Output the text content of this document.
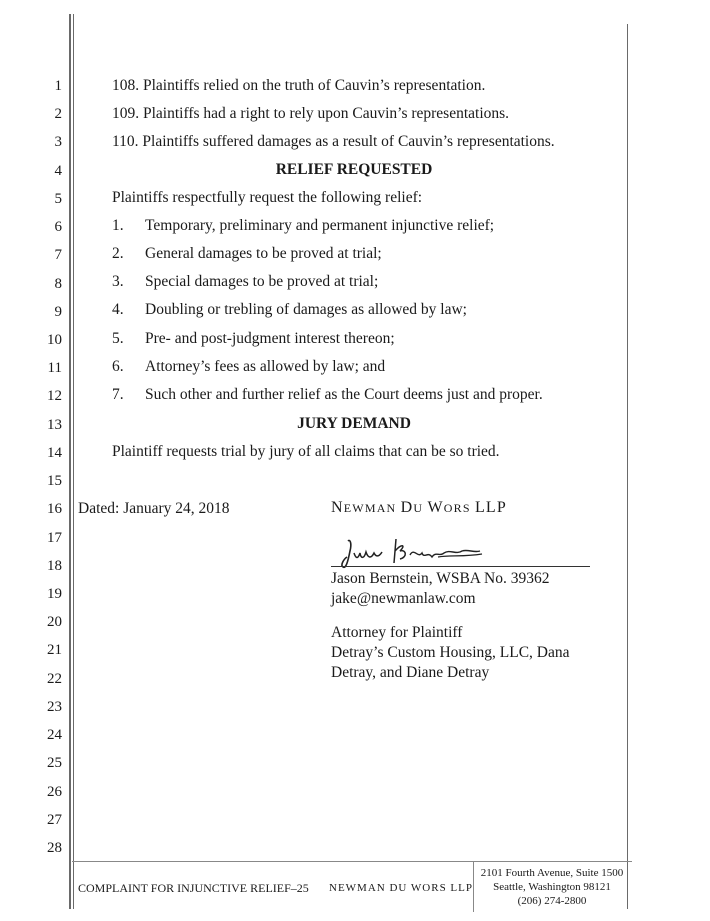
1
2
3
4
5
6
7
8
9
10
11
12
13
14
15
16
17
18
19
20
21
22
23
24
25
26
27
28
108. Plaintiffs relied on the truth of Cauvin’s representation.
109. Plaintiffs had a right to rely upon Cauvin’s representations.
110. Plaintiffs suffered damages as a result of Cauvin’s representations.
RELIEF REQUESTED
Plaintiffs respectfully request the following relief:
1. Temporary, preliminary and permanent injunctive relief;
2. General damages to be proved at trial;
3. Special damages to be proved at trial;
4. Doubling or trebling of damages as allowed by law;
5. Pre- and post-judgment interest thereon;
6. Attorney’s fees as allowed by law; and
7. Such other and further relief as the Court deems just and proper.
JURY DEMAND
Plaintiff requests trial by jury of all claims that can be so tried.
Dated: January 24, 2018	NEWMAN DU WORS LLP
Jason Bernstein, WSBA No. 39362
jake@newmanlaw.com
Attorney for Plaintiff
Detray’s Custom Housing, LLC, Dana
Detray, and Diane Detray
COMPLAINT FOR INJUNCTIVE RELIEF–25 NEWMAN DU WORS LLP
2101 Fourth Avenue, Suite 1500
Seattle, Washington 98121
(206) 274-2800
